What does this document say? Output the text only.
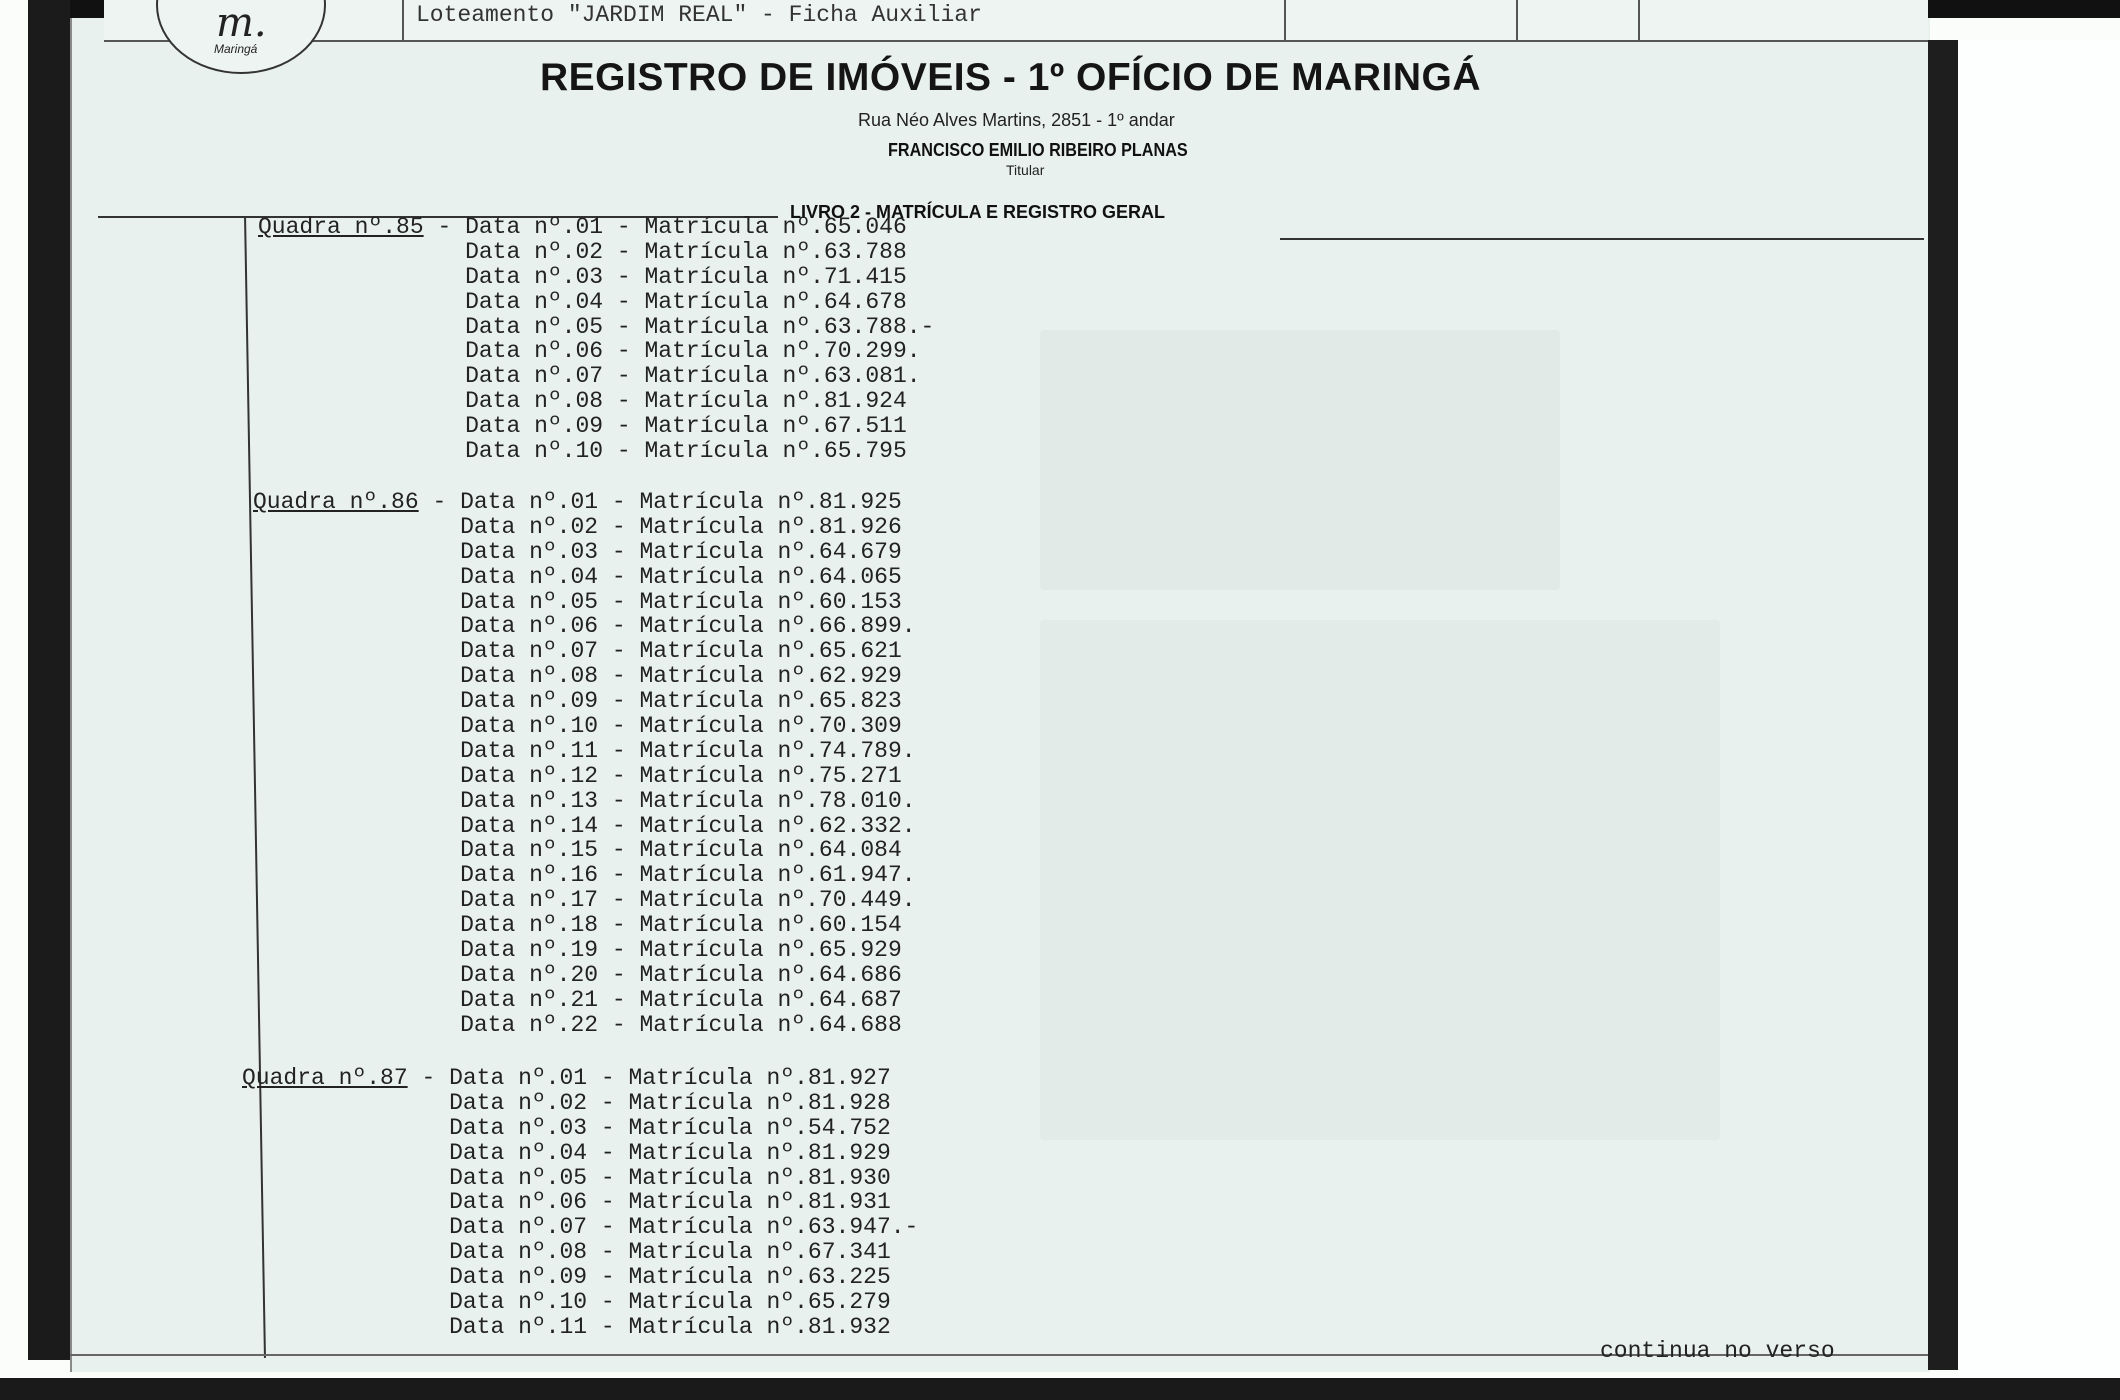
Loteamento "JARDIM REAL" - Ficha Auxiliar
m.
Maringá
REGISTRO DE IMÓVEIS - 1º OFÍCIO DE MARINGÁ
Rua Néo Alves Martins, 2851 - 1º andar
FRANCISCO EMILIO RIBEIRO PLANAS
Titular
LIVRO 2 - MATRÍCULA E REGISTRO GERAL
Quadra nº.85 - Data nº.01 - Matrícula nº.65.046
Data nº.02 - Matrícula nº.63.788
Data nº.03 - Matrícula nº.71.415
Data nº.04 - Matrícula nº.64.678
Data nº.05 - Matrícula nº.63.788.-
Data nº.06 - Matrícula nº.70.299.
Data nº.07 - Matrícula nº.63.081.
Data nº.08 - Matrícula nº.81.924
Data nº.09 - Matrícula nº.67.511
Data nº.10 - Matrícula nº.65.795
Quadra nº.86 - Data nº.01 - Matrícula nº.81.925
Data nº.02 - Matrícula nº.81.926
Data nº.03 - Matrícula nº.64.679
Data nº.04 - Matrícula nº.64.065
Data nº.05 - Matrícula nº.60.153
Data nº.06 - Matrícula nº.66.899.
Data nº.07 - Matrícula nº.65.621
Data nº.08 - Matrícula nº.62.929
Data nº.09 - Matrícula nº.65.823
Data nº.10 - Matrícula nº.70.309
Data nº.11 - Matrícula nº.74.789.
Data nº.12 - Matrícula nº.75.271
Data nº.13 - Matrícula nº.78.010.
Data nº.14 - Matrícula nº.62.332.
Data nº.15 - Matrícula nº.64.084
Data nº.16 - Matrícula nº.61.947.
Data nº.17 - Matrícula nº.70.449.
Data nº.18 - Matrícula nº.60.154
Data nº.19 - Matrícula nº.65.929
Data nº.20 - Matrícula nº.64.686
Data nº.21 - Matrícula nº.64.687
Data nº.22 - Matrícula nº.64.688
Quadra nº.87 - Data nº.01 - Matrícula nº.81.927
Data nº.02 - Matrícula nº.81.928
Data nº.03 - Matrícula nº.54.752
Data nº.04 - Matrícula nº.81.929
Data nº.05 - Matrícula nº.81.930
Data nº.06 - Matrícula nº.81.931
Data nº.07 - Matrícula nº.63.947.-
Data nº.08 - Matrícula nº.67.341
Data nº.09 - Matrícula nº.63.225
Data nº.10 - Matrícula nº.65.279
Data nº.11 - Matrícula nº.81.932
continua no verso
